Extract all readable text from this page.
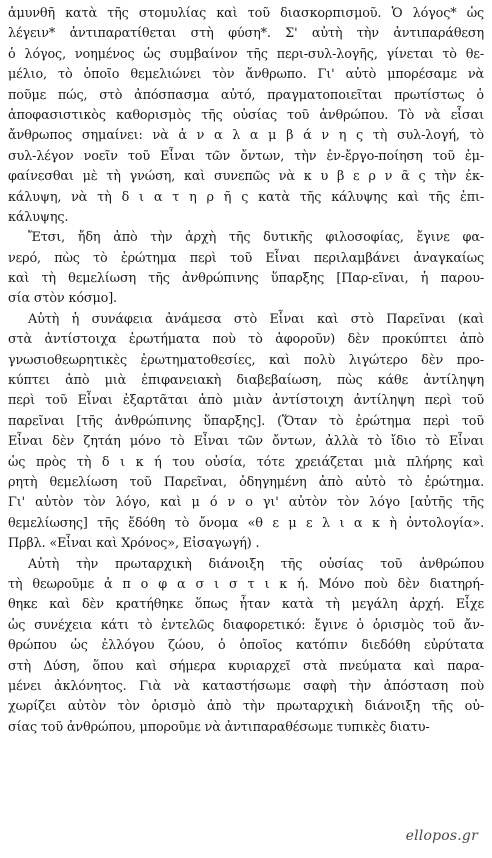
ἀμυνθῆ κατὰ τῆς στομυλίας καὶ τοῦ διασκορπισμοῦ. Ὁ λόγος* ὡς
λέγειν* ἀντιπαρατίθεται στὴ φύση*. Σ' αὐτὴ τὴν ἀντιπαράθεση
ὁ λόγος, νοημένος ὡς συμβαίνον τῆς περι-συλ-λογῆς, γίνεται τὸ θε-
μέλιο, τὸ ὁποῖο θεμελιώνει τὸν ἄνθρωπο. Γι' αὐτὸ μπορέσαμε νὰ
ποῦμε πώς, στὸ ἀπόσπασμα αὐτό, πραγματοποιεῖται πρωτίστως ὁ
ἀποφασιστικὸς καθορισμὸς τῆς οὐσίας τοῦ ἀνθρώπου. Τὸ νὰ εἶσαι
ἄνθρωπος σημαίνει: νὰ ἀ ν α λ α μ β ά ν η ς τὴ συλ-λογή, τὸ
συλ-λέγον νοεῖν τοῦ Εἶναι τῶν ὄντων, τὴν ἐν-ἔργο-ποίηση τοῦ ἐμ-
φαίνεσθαι μὲ τὴ γνώση, καὶ συνεπῶς νὰ κ υ β ε ρ ν ᾶ ς τὴν ἐκ-
κάλυψη, νὰ τὴ δ ι α τ η ρ ῆ ς κατὰ τῆς κάλυψης καὶ τῆς ἐπι-
κάλυψης.
Ἔτσι, ἤδη ἀπὸ τὴν ἀρχὴ τῆς δυτικῆς φιλοσοφίας, ἔγινε φα-
νερό, πὼς τὸ ἐρώτημα περὶ τοῦ Εἶναι περιλαμβάνει ἀναγκαίως
καὶ τὴ θεμελίωση τῆς ἀνθρώπινης ὕπαρξης [Παρ-εῖναι, ἡ παρου-
σία στὸν κόσμο].
Αὐτὴ ἡ συνάφεια ἀνάμεσα στὸ Εἶναι καὶ στὸ Παρεῖναι (καὶ
στὰ ἀντίστοιχα ἐρωτήματα ποὺ τὸ ἀφοροῦν) δὲν προκύπτει ἀπὸ
γνωσιοθεωρητικὲς ἐρωτηματοθεσίες, καὶ πολὺ λιγώτερο δὲν προ-
κύπτει ἀπὸ μιὰ ἐπιφανειακὴ διαβεβαίωση, πὼς κάθε ἀντίληψη
περὶ τοῦ Εἶναι ἐξαρτᾶται ἀπὸ μιὰν ἀντίστοιχη ἀντίληψη περὶ τοῦ
παρεῖναι [τῆς ἀνθρώπινης ὕπαρξης]. (Ὅταν τὸ ἐρώτημα περὶ τοῦ
Εἶναι δὲν ζητάη μόνο τὸ Εἶναι τῶν ὄντων, ἀλλὰ τὸ ἴδιο τὸ Εἶναι
ὡς πρὸς τὴ δ ι κ ή του οὐσία, τότε χρειάζεται μιὰ πλήρης καὶ
ρητὴ θεμελίωση τοῦ Παρεῖναι, ὁδηγημένη ἀπὸ αὐτὸ τὸ ἐρώτημα.
Γι' αὐτὸν τὸν λόγο, καὶ μ ό ν ο γι' αὐτὸν τὸν λόγο [αὐτῆς τῆς
θεμελίωσης] τῆς ἔδόθη τὸ ὄνομα «θ ε μ ε λ ι α κ ὴ ὀντολογία».
Πρβλ. «Εἶναι καὶ Χρόνος», Εἰσαγωγή) .
Αὐτὴ τὴν πρωταρχικὴ διάνοιξη τῆς οὐσίας τοῦ ἀνθρώπου
τὴ θεωροῦμε ἀ π ο φ α σ ι σ τ ι κ ή. Μόνο ποὺ δὲν διατηρή-
θηκε καὶ δὲν κρατήθηκε ὅπως ἦταν κατὰ τὴ μεγάλη ἀρχή. Εἶχε
ὡς συνέχεια κάτι τὸ ἐντελῶς διαφορετικό: ἔγινε ὁ ὁρισμὸς τοῦ ἄν-
θρώπου ὡς ἐλλόγου ζώου, ὁ ὁποῖος κατόπιν διεδόθη εὐρύτατα
στὴ Δύση, ὅπου καὶ σήμερα κυριαρχεῖ στὰ πνεύματα καὶ παρα-
μένει ἀκλόνητος. Γιὰ νὰ καταστήσωμε σαφὴ τὴν ἀπόσταση ποὺ
χωρίζει αὐτὸν τὸν ὁρισμὸ ἀπὸ τὴν πρωταρχικὴ διάνοιξη τῆς οὐ-
σίας τοῦ ἀνθρώπου, μποροῦμε νὰ ἀντιπαραθέσωμε τυπικὲς διατυ-
ellopos.gr
